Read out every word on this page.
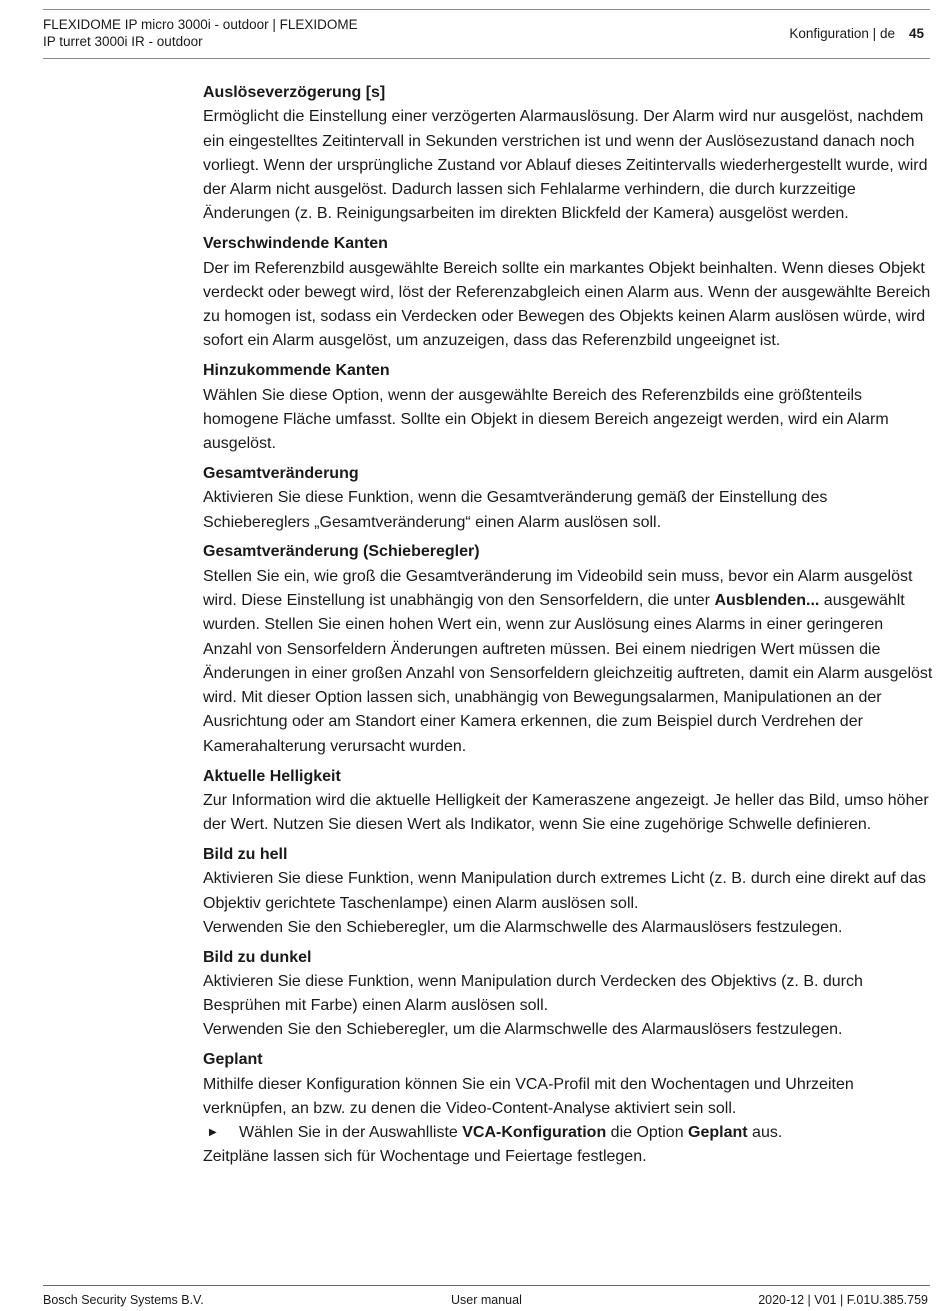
FLEXIDOME IP micro 3000i - outdoor | FLEXIDOME
IP turret 3000i IR - outdoor
Konfiguration | de 45
Auslöseverzögerung [s]

Ermöglicht die Einstellung einer verzögerten Alarmauslösung. Der Alarm wird nur ausgelöst, nachdem ein eingestelltes Zeitintervall in Sekunden verstrichen ist und wenn der Auslösezustand danach noch vorliegt. Wenn der ursprüngliche Zustand vor Ablauf dieses Zeitintervalls wiederhergestellt wurde, wird der Alarm nicht ausgelöst. Dadurch lassen sich Fehlalarme verhindern, die durch kurzzeitige Änderungen (z. B. Reinigungsarbeiten im direkten Blickfeld der Kamera) ausgelöst werden.

Verschwindende Kanten

Der im Referenzbild ausgewählte Bereich sollte ein markantes Objekt beinhalten. Wenn dieses Objekt verdeckt oder bewegt wird, löst der Referenzabgleich einen Alarm aus. Wenn der ausgewählte Bereich zu homogen ist, sodass ein Verdecken oder Bewegen des Objekts keinen Alarm auslösen würde, wird sofort ein Alarm ausgelöst, um anzuzeigen, dass das Referenzbild ungeeignet ist.

Hinzukommende Kanten

Wählen Sie diese Option, wenn der ausgewählte Bereich des Referenzbilds eine größtenteils homogene Fläche umfasst. Sollte ein Objekt in diesem Bereich angezeigt werden, wird ein Alarm ausgelöst.

Gesamtveränderung

Aktivieren Sie diese Funktion, wenn die Gesamtveränderung gemäß der Einstellung des Schiebereglers „Gesamtveränderung“ einen Alarm auslösen soll.

Gesamtveränderung (Schieberegler)

Stellen Sie ein, wie groß die Gesamtveränderung im Videobild sein muss, bevor ein Alarm ausgelöst wird. Diese Einstellung ist unabhängig von den Sensorfeldern, die unter Ausblenden... ausgewählt wurden. Stellen Sie einen hohen Wert ein, wenn zur Auslösung eines Alarms in einer geringeren Anzahl von Sensorfeldern Änderungen auftreten müssen. Bei einem niedrigen Wert müssen die Änderungen in einer großen Anzahl von Sensorfeldern gleichzeitig auftreten, damit ein Alarm ausgelöst wird. Mit dieser Option lassen sich, unabhängig von Bewegungsalarmen, Manipulationen an der Ausrichtung oder am Standort einer Kamera erkennen, die zum Beispiel durch Verdrehen der Kamerahalterung verursacht wurden.

Aktuelle Helligkeit

Zur Information wird die aktuelle Helligkeit der Kameraszene angezeigt. Je heller das Bild, umso höher der Wert. Nutzen Sie diesen Wert als Indikator, wenn Sie eine zugehörige Schwelle definieren.

Bild zu hell

Aktivieren Sie diese Funktion, wenn Manipulation durch extremes Licht (z. B. durch eine direkt auf das Objektiv gerichtete Taschenlampe) einen Alarm auslösen soll.

Verwenden Sie den Schieberegler, um die Alarmschwelle des Alarmauslösers festzulegen.

Bild zu dunkel

Aktivieren Sie diese Funktion, wenn Manipulation durch Verdecken des Objektivs (z. B. durch Besprühen mit Farbe) einen Alarm auslösen soll.

Verwenden Sie den Schieberegler, um die Alarmschwelle des Alarmauslösers festzulegen.

Geplant

Mithilfe dieser Konfiguration können Sie ein VCA-Profil mit den Wochentagen und Uhrzeiten verknüpfen, an bzw. zu denen die Video-Content-Analyse aktiviert sein soll.

▶ Wählen Sie in der Auswahlliste VCA-Konfiguration die Option Geplant aus.

Zeitpläne lassen sich für Wochentage und Feiertage festlegen.

Bosch Security Systems B.V.	User manual	2020-12 | V01 | F.01U.385.759
